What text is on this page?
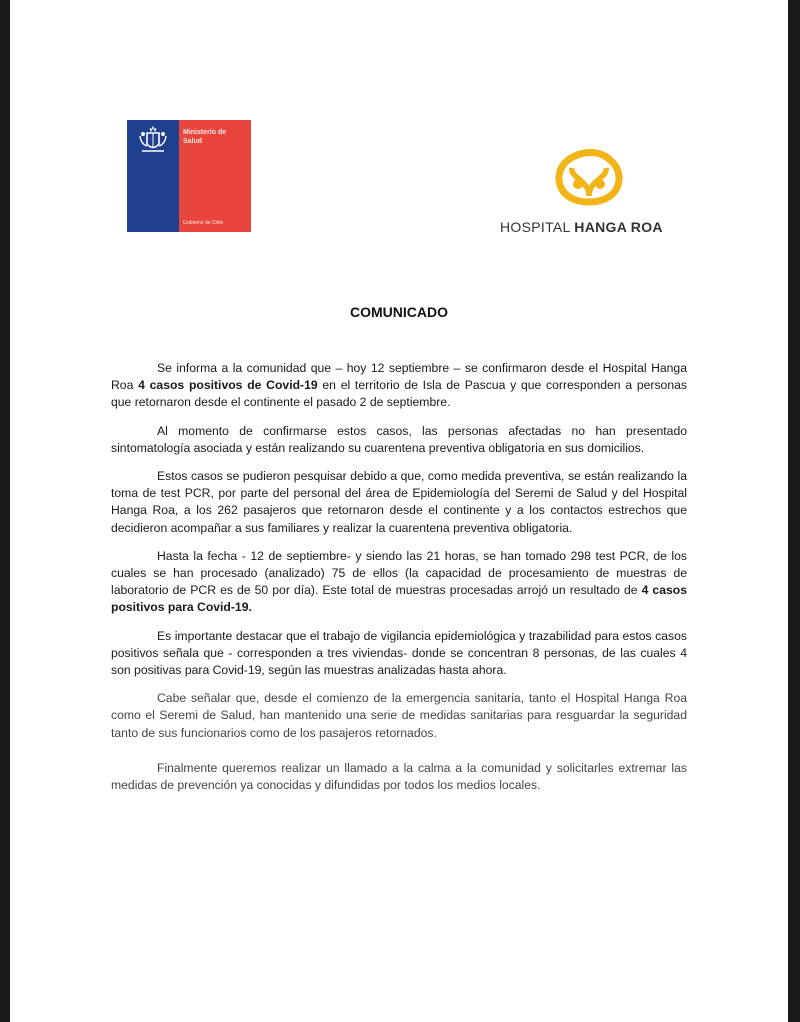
Ministerio de Salud
Gobierno de Chile	HOSPITAL HANGA ROA
COMUNICADO

Se informa a la comunidad que – hoy 12 septiembre – se confirmaron desde el Hospital Hanga Roa 4 casos positivos de Covid-19 en el territorio de Isla de Pascua y que corresponden a personas que retornaron desde el continente el pasado 2 de septiembre.

Al momento de confirmarse estos casos, las personas afectadas no han presentado sintomatología asociada y están realizando su cuarentena preventiva obligatoria en sus domicilios.

Estos casos se pudieron pesquisar debido a que, como medida preventiva, se están realizando la toma de test PCR, por parte del personal del área de Epidemiología del Seremi de Salud y del Hospital Hanga Roa, a los 262 pasajeros que retornaron desde el continente y a los contactos estrechos que decidieron acompañar a sus familiares y realizar la cuarentena preventiva obligatoria.

Hasta la fecha - 12 de septiembre- y siendo las 21 horas, se han tomado 298 test PCR, de los cuales se han procesado (analizado) 75 de ellos (la capacidad de procesamiento de muestras de laboratorio de PCR es de 50 por día). Este total de muestras procesadas arrojó un resultado de 4 casos positivos para Covid-19.

Es importante destacar que el trabajo de vigilancia epidemiológica y trazabilidad para estos casos positivos señala que - corresponden a tres viviendas- donde se concentran 8 personas, de las cuales 4 son positivas para Covid-19, según las muestras analizadas hasta ahora.

Cabe señalar que, desde el comienzo de la emergencia sanitaria, tanto el Hospital Hanga Roa como el Seremi de Salud, han mantenido una serie de medidas sanitarias para resguardar la seguridad tanto de sus funcionarios como de los pasajeros retornados.

Finalmente queremos realizar un llamado a la calma a la comunidad y solicitarles extremar las medidas de prevención ya conocidas y difundidas por todos los medios locales.
